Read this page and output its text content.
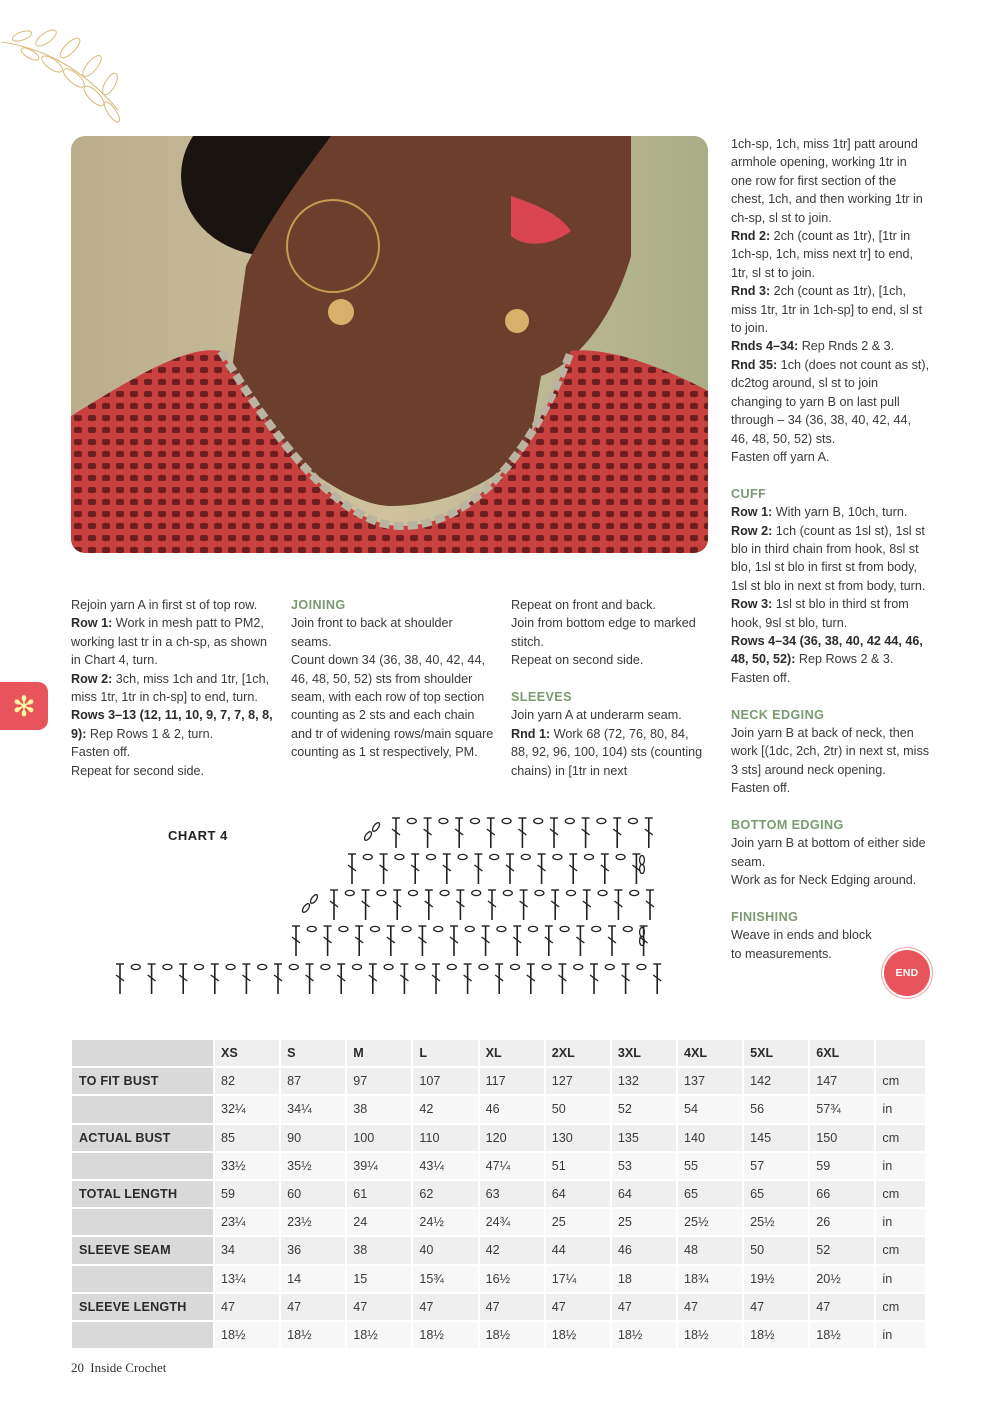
1ch-sp, 1ch, miss 1tr] patt around armhole opening, working 1tr in one row for first section of the chest, 1ch, and then working 1tr in ch-sp, sl st to join.

Rnd 2: 2ch (count as 1tr), [1tr in 1ch-sp, 1ch, miss next tr] to end, 1tr, sl st to join.

Rnd 3: 2ch (count as 1tr), [1ch, miss 1tr, 1tr in 1ch-sp] to end, sl st to join.

Rnds 4–34: Rep Rnds 2 & 3.

Rnd 35: 1ch (does not count as st), dc2tog around, sl st to join changing to yarn B on last pull through – 34 (36, 38, 40, 42, 44, 46, 48, 50, 52) sts.

Fasten off yarn A.

CUFF

Row 1: With yarn B, 10ch, turn.

Row 2: 1ch (count as 1sl st), 1sl st blo in third chain from hook, 8sl st blo, 1sl st blo in first st from body, 1sl st blo in next st from body, turn.

Row 3: 1sl st blo in third st from hook, 9sl st blo, turn.

Rows 4–34 (36, 38, 40, 42 44, 46, 48, 50, 52): Rep Rows 2 & 3.

Fasten off.

NECK EDGING

Join yarn B at back of neck, then work [(1dc, 2ch, 2tr) in next st, miss 3 sts] around neck opening.

Fasten off.

BOTTOM EDGING

Join yarn B at bottom of either side seam.

Work as for Neck Edging around.

FINISHING

Weave in ends and block to measurements.

END
✻

Rejoin yarn A in first st of top row.

Row 1: Work in mesh patt to PM2, working last tr in a ch-sp, as shown in Chart 4, turn.

Row 2: 3ch, miss 1ch and 1tr, [1ch, miss 1tr, 1tr in ch-sp] to end, turn.

Rows 3–13 (12, 11, 10, 9, 7, 7, 8, 8, 9): Rep Rows 1 & 2, turn.

Fasten off.

Repeat for second side.

JOINING

Join front to back at shoulder seams.

Count down 34 (36, 38, 40, 42, 44, 46, 48, 50, 52) sts from shoulder seam, with each row of top section counting as 2 sts and each chain and tr of widening rows/main square counting as 1 st respectively, PM.

Repeat on front and back.

Join from bottom edge to marked stitch.

Repeat on second side.

SLEEVES

Join yarn A at underarm seam.

Rnd 1: Work 68 (72, 76, 80, 84, 88, 92, 96, 100, 104) sts (counting chains) in [1tr in next

CHART 4
	XS	S	M	L	XL	2XL	3XL	4XL	5XL	6XL	
TO FIT BUST	82	87	97	107	117	127	132	137	142	147	cm
	32¼	34¼	38	42	46	50	52	54	56	57¾	in
ACTUAL BUST	85	90	100	110	120	130	135	140	145	150	cm
	33½	35½	39¼	43¼	47¼	51	53	55	57	59	in
TOTAL LENGTH	59	60	61	62	63	64	64	65	65	66	cm
	23¼	23½	24	24½	24¾	25	25	25½	25½	26	in
SLEEVE SEAM	34	36	38	40	42	44	46	48	50	52	cm
	13¼	14	15	15¾	16½	17¼	18	18¾	19½	20½	in
SLEEVE LENGTH	47	47	47	47	47	47	47	47	47	47	cm
	18½	18½	18½	18½	18½	18½	18½	18½	18½	18½	in
20 Inside Crochet
